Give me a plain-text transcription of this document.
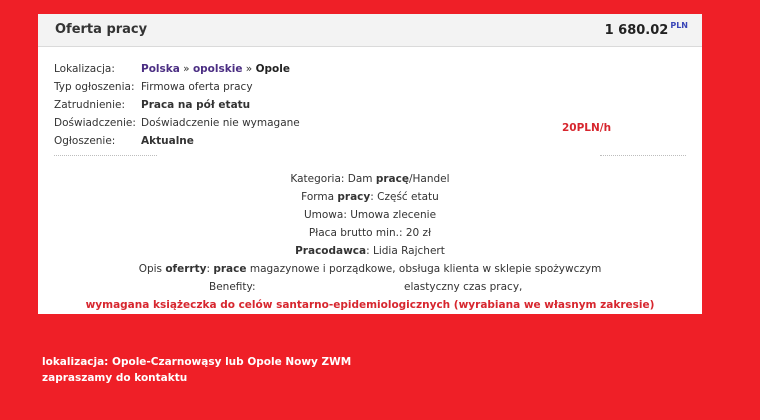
Oferta pracy	1 680.02 $^{PLN}$
Lokalizacja:	Polska » opolskie » Opole
Typ ogłoszenia: Firmowa oferta pracy
Zatrudnienie:	Praca na pół etatu
Doświadczenie: Doświadczenie nie wymagane
Ogłoszenie:	Aktualne
20PLN/h
Kategoria: Dam pracę/Handel
Forma pracy: Część etatu
Umowa: Umowa zlecenie
Płaca brutto min.: 20 zł
Pracodawca: Lidia Rajchert
Opis oferrty: prace magazynowe i porządkowe, obsługa klienta w sklepie spożywczym
Benefity:	elastyczny czas pracy,
wymagana książeczka do celów santarno-epidemiologicznych (wyrabiana we własnym zakresie)
lokalizacja: Opole-Czarnowąsy lub Opole Nowy ZWM
zapraszamy do kontaktu
